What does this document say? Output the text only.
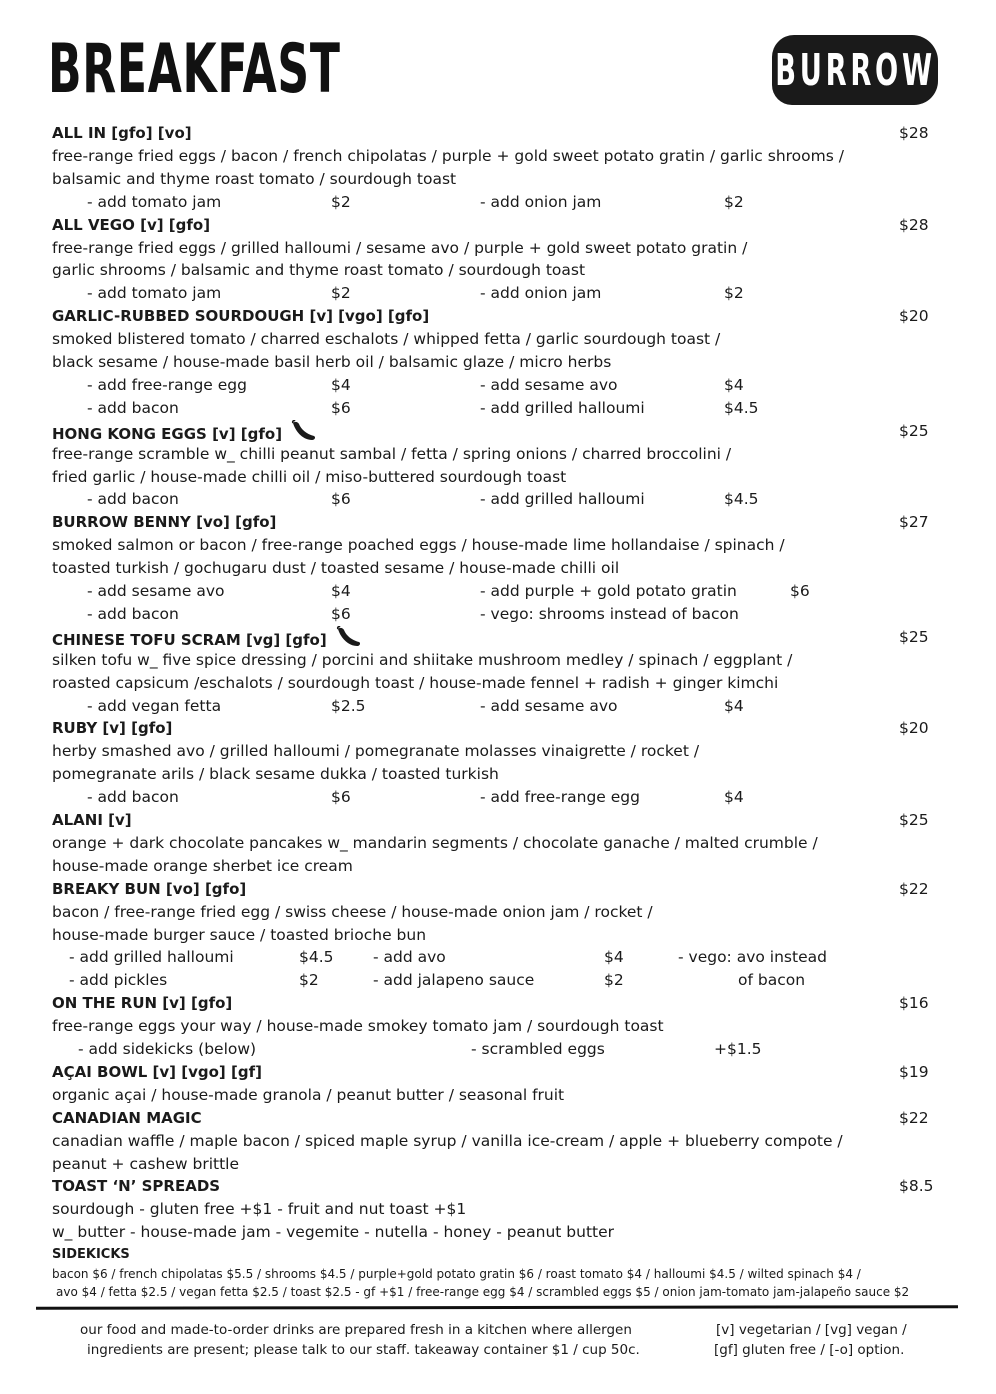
BREAKFAST	BURROW
ALL IN [gfo] [vo]	$28
free-range fried eggs / bacon / french chipolatas / purple + gold sweet potato gratin / garlic shrooms /
balsamic and thyme roast tomato / sourdough toast
- add tomato jam	$2	- add onion jam	$2
ALL VEGO [v] [gfo]	$28
free-range fried eggs / grilled halloumi / sesame avo / purple + gold sweet potato gratin /
garlic shrooms / balsamic and thyme roast tomato / sourdough toast
- add tomato jam	$2	- add onion jam	$2
GARLIC-RUBBED SOURDOUGH [v] [vgo] [gfo]	$20
smoked blistered tomato / charred eschalots / whipped fetta / garlic sourdough toast /
black sesame / house-made basil herb oil / balsamic glaze / micro herbs
- add free-range egg	$4	- add sesame avo	$4
- add bacon	$6	- add grilled halloumi	$4.5
HONG KONG EGGS [v] [gfo]	$25
free-range scramble w_ chilli peanut sambal / fetta / spring onions / charred broccolini /
fried garlic / house-made chilli oil / miso-buttered sourdough toast
- add bacon	$6	- add grilled halloumi	$4.5
BURROW BENNY [vo] [gfo]	$27
smoked salmon or bacon / free-range poached eggs / house-made lime hollandaise / spinach /
toasted turkish / gochugaru dust / toasted sesame / house-made chilli oil
- add sesame avo	$4	- add purple + gold potato gratin	$6
- add bacon	$6	- vego: shrooms instead of bacon
CHINESE TOFU SCRAM [vg] [gfo]	$25
silken tofu w_ five spice dressing / porcini and shiitake mushroom medley / spinach / eggplant /
roasted capsicum /eschalots / sourdough toast / house-made fennel + radish + ginger kimchi
- add vegan fetta	$2.5	- add sesame avo	$4
RUBY [v] [gfo]	$20
herby smashed avo / grilled halloumi / pomegranate molasses vinaigrette / rocket /
pomegranate arils / black sesame dukka / toasted turkish
- add bacon	$6	- add free-range egg	$4
ALANI [v]	$25
orange + dark chocolate pancakes w_ mandarin segments / chocolate ganache / malted crumble /
house-made orange sherbet ice cream
BREAKY BUN [vo] [gfo]	$22
bacon / free-range fried egg / swiss cheese / house-made onion jam / rocket /
house-made burger sauce / toasted brioche bun
- add grilled halloumi	$4.5	- add avo	$4	- vego: avo instead
- add pickles	$2	- add jalapeno sauce	$2	of bacon
ON THE RUN [v] [gfo]	$16
free-range eggs your way / house-made smokey tomato jam / sourdough toast
- add sidekicks (below)	- scrambled eggs	+$1.5
AÇAI BOWL [v] [vgo] [gf]	$19
organic açai / house-made granola / peanut butter / seasonal fruit
CANADIAN MAGIC	$22
canadian waffle / maple bacon / spiced maple syrup / vanilla ice-cream / apple + blueberry compote /
peanut + cashew brittle
TOAST ‘N’ SPREADS	$8.5
sourdough - gluten free +$1 - fruit and nut toast +$1
w_ butter - house-made jam - vegemite - nutella - honey - peanut butter
SIDEKICKS
bacon $6 / french chipolatas $5.5 / shrooms $4.5 / purple+gold potato gratin $6 / roast tomato $4 / halloumi $4.5 / wilted spinach $4 /
avo $4 / fetta $2.5 / vegan fetta $2.5 / toast $2.5 - gf +$1 / free-range egg $4 / scrambled eggs $5 / onion jam-tomato jam-jalapeño sauce $2
our food and made-to-order drinks are prepared fresh in a kitchen where allergen
ingredients are present; please talk to our staff. takeaway container $1 / cup 50c.
[v] vegetarian / [vg] vegan /
[gf] gluten free / [-o] option.
